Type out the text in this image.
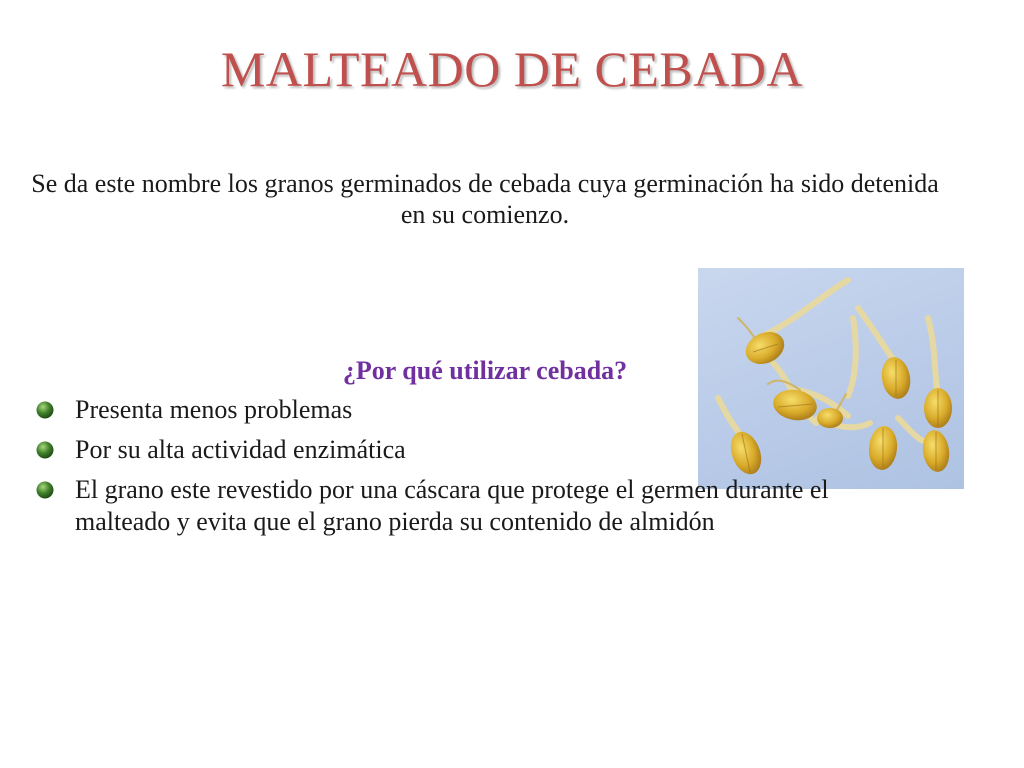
MALTEADO DE CEBADA
Se da este nombre los granos germinados de cebada cuya germinación ha sido detenida en su comienzo.
¿Por qué utilizar cebada?
Presenta menos problemas
Por su alta actividad enzimática
El grano este revestido por una cáscara que protege el germen durante el malteado y evita que el grano pierda su contenido de almidón
